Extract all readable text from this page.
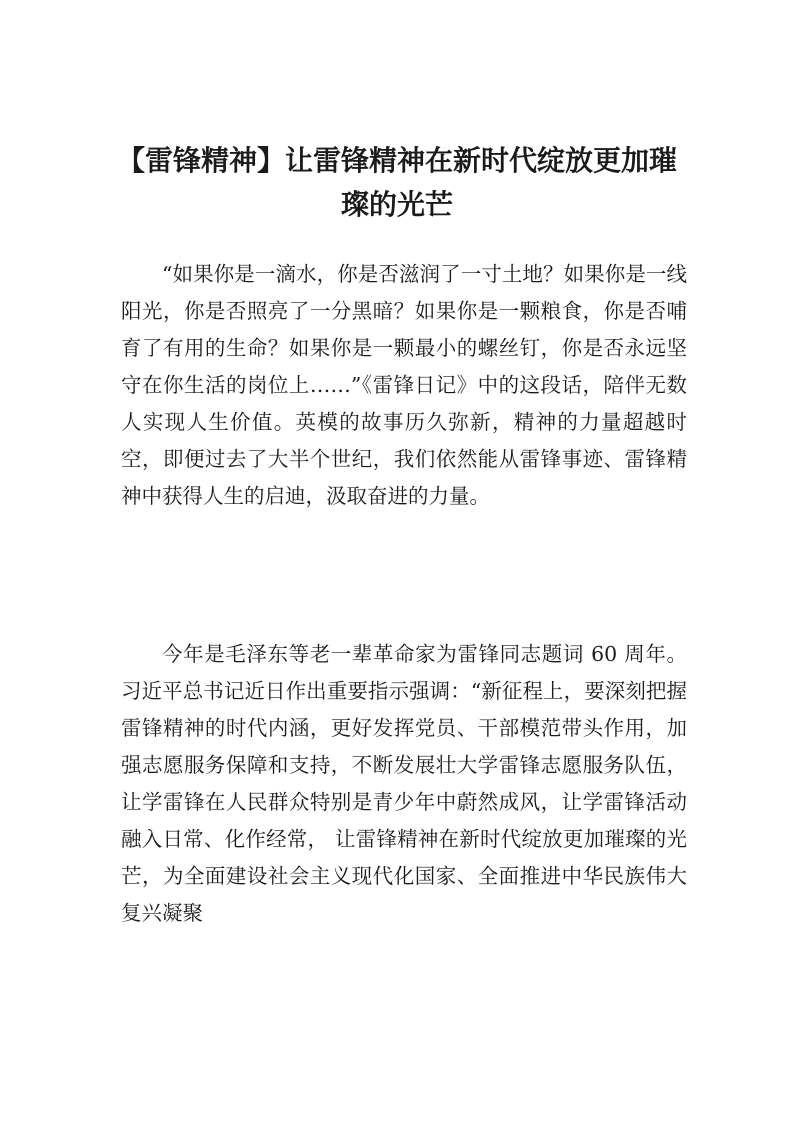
【雷锋精神】让雷锋精神在新时代绽放更加璀璨的光芒

“如果你是一滴水，你是否滋润了一寸土地？如果你是一线阳光，你是否照亮了一分黑暗？如果你是一颗粮食，你是否哺育了有用的生命？如果你是一颗最小的螺丝钉，你是否永远坚守在你生活的岗位上……”《雷锋日记》中的这段话，陪伴无数人实现人生价值。英模的故事历久弥新，精神的力量超越时空，即便过去了大半个世纪，我们依然能从雷锋事迹、雷锋精神中获得人生的启迪，汲取奋进的力量。

今年是毛泽东等老一辈革命家为雷锋同志题词 60 周年。习近平总书记近日作出重要指示强调：“新征程上，要深刻把握雷锋精神的时代内涵，更好发挥党员、干部模范带头作用，加强志愿服务保障和支持，不断发展壮大学雷锋志愿服务队伍，让学雷锋在人民群众特别是青少年中蔚然成风，让学雷锋活动融入日常、化作经常， 让雷锋精神在新时代绽放更加璀璨的光芒，为全面建设社会主义现代化国家、全面推进中华民族伟大复兴凝聚
